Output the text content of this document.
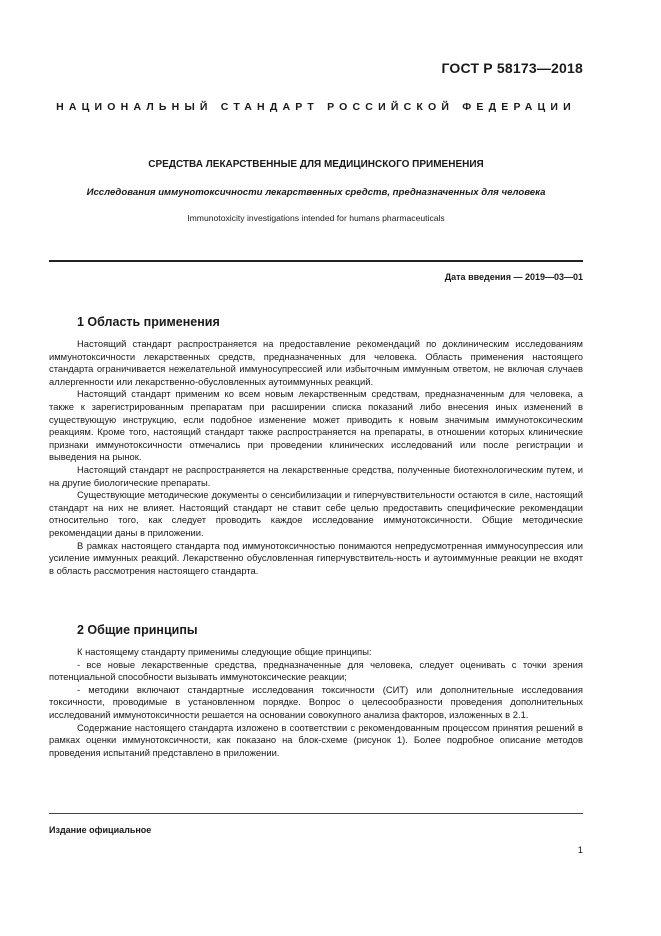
ГОСТ Р 58173—2018
НАЦИОНАЛЬНЫЙ СТАНДАРТ РОССИЙСКОЙ ФЕДЕРАЦИИ
СРЕДСТВА ЛЕКАРСТВЕННЫЕ ДЛЯ МЕДИЦИНСКОГО ПРИМЕНЕНИЯ
Исследования иммунотоксичности лекарственных средств, предназначенных для человека
Immunotoxicity investigations intended for humans pharmaceuticals
Дата введения — 2019—03—01
1 Область применения

Настоящий стандарт распространяется на предоставление рекомендаций по доклиническим исследованиям иммунотоксичности лекарственных средств, предназначенных для человека. Область применения настоящего стандарта ограничивается нежелательной иммуносупрессией или избыточным иммунным ответом, не включая случаев аллергенности или лекарственно-обусловленных аутоиммунных реакций.

Настоящий стандарт применим ко всем новым лекарственным средствам, предназначенным для человека, а также к зарегистрированным препаратам при расширении списка показаний либо внесения иных изменений в существующую инструкцию, если подобное изменение может приводить к новым значимым иммунотоксическим реакциям. Кроме того, настоящий стандарт также распространяется на препараты, в отношении которых клинические признаки иммунотоксичности отмечались при проведении клинических исследований или после регистрации и выведения на рынок.

Настоящий стандарт не распространяется на лекарственные средства, полученные биотехнологическим путем, и на другие биологические препараты.

Существующие методические документы о сенсибилизации и гиперчувствительности остаются в силе, настоящий стандарт на них не влияет. Настоящий стандарт не ставит себе целью предоставить специфические рекомендации относительно того, как следует проводить каждое исследование иммунотоксичности. Общие методические рекомендации даны в приложении.

В рамках настоящего стандарта под иммунотоксичностью понимаются непредусмотренная иммуносупрессия или усиление иммунных реакций. Лекарственно обусловленная гиперчувствитель-ность и аутоиммунные реакции не входят в область рассмотрения настоящего стандарта.

2 Общие принципы

К настоящему стандарту применимы следующие общие принципы:

- все новые лекарственные средства, предназначенные для человека, следует оценивать с точки зрения потенциальной способности вызывать иммунотоксические реакции;

- методики включают стандартные исследования токсичности (СИТ) или дополнительные исследования токсичности, проводимые в установленном порядке. Вопрос о целесообразности проведения дополнительных исследований иммунотоксичности решается на основании совокупного анализа факторов, изложенных в 2.1.

Содержание настоящего стандарта изложено в соответствии с рекомендованным процессом принятия решений в рамках оценки иммунотоксичности, как показано на блок-схеме (рисунок 1). Более подробное описание методов проведения испытаний представлено в приложении.

Издание официальное
1
